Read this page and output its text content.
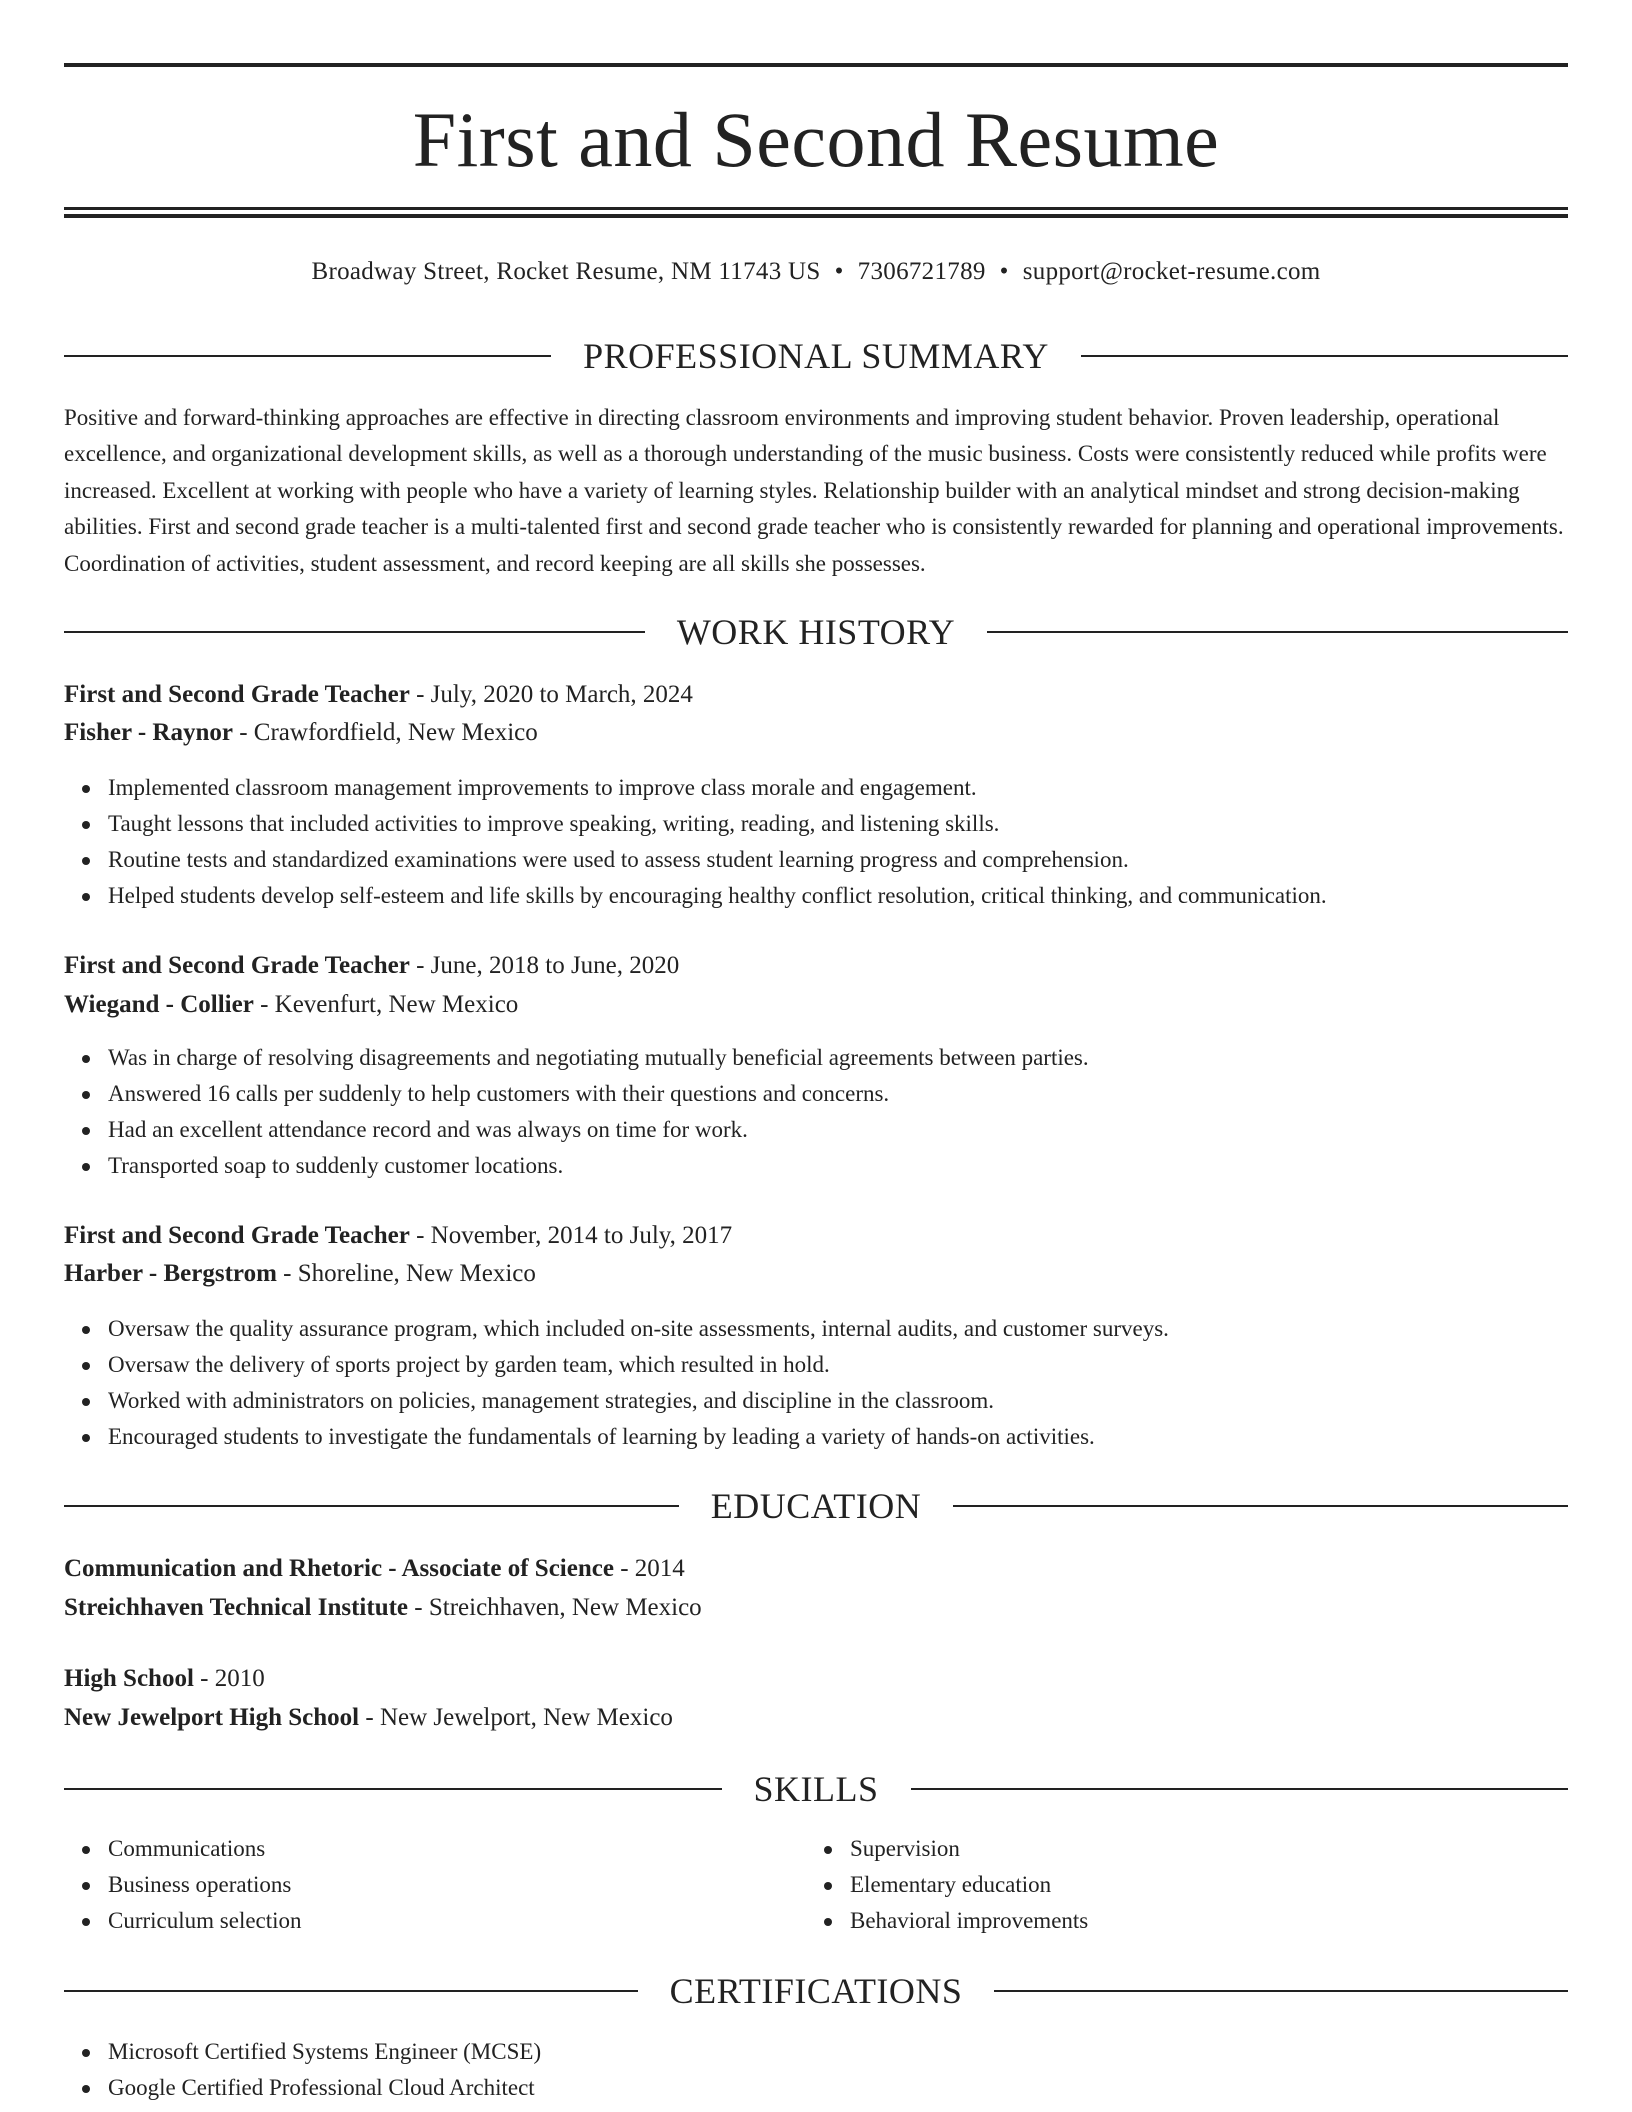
First and Second Resume
Broadway Street, Rocket Resume, NM 11743 US • 7306721789 • support@rocket-resume.com
PROFESSIONAL SUMMARY

Positive and forward-thinking approaches are effective in directing classroom environments and improving student behavior. Proven leadership, operational excellence, and organizational development skills, as well as a thorough understanding of the music business. Costs were consistently reduced while profits were increased. Excellent at working with people who have a variety of learning styles. Relationship builder with an analytical mindset and strong decision-making abilities. First and second grade teacher is a multi-talented first and second grade teacher who is consistently rewarded for planning and operational improvements. Coordination of activities, student assessment, and record keeping are all skills she possesses.

WORK HISTORY
First and Second Grade Teacher - July, 2020 to March, 2024
Fisher - Raynor - Crawfordfield, New Mexico
Implemented classroom management improvements to improve class morale and engagement.
Taught lessons that included activities to improve speaking, writing, reading, and listening skills.
Routine tests and standardized examinations were used to assess student learning progress and comprehension.
Helped students develop self-esteem and life skills by encouraging healthy conflict resolution, critical thinking, and communication.
First and Second Grade Teacher - June, 2018 to June, 2020
Wiegand - Collier - Kevenfurt, New Mexico
Was in charge of resolving disagreements and negotiating mutually beneficial agreements between parties.
Answered 16 calls per suddenly to help customers with their questions and concerns.
Had an excellent attendance record and was always on time for work.
Transported soap to suddenly customer locations.
First and Second Grade Teacher - November, 2014 to July, 2017
Harber - Bergstrom - Shoreline, New Mexico
Oversaw the quality assurance program, which included on-site assessments, internal audits, and customer surveys.
Oversaw the delivery of sports project by garden team, which resulted in hold.
Worked with administrators on policies, management strategies, and discipline in the classroom.
Encouraged students to investigate the fundamentals of learning by leading a variety of hands-on activities.
EDUCATION
Communication and Rhetoric - Associate of Science - 2014
Streichhaven Technical Institute - Streichhaven, New Mexico
High School - 2010
New Jewelport High School - New Jewelport, New Mexico
SKILLS
Communications
Business operations
Curriculum selection
Supervision
Elementary education
Behavioral improvements
CERTIFICATIONS
Microsoft Certified Systems Engineer (MCSE)
Google Certified Professional Cloud Architect
